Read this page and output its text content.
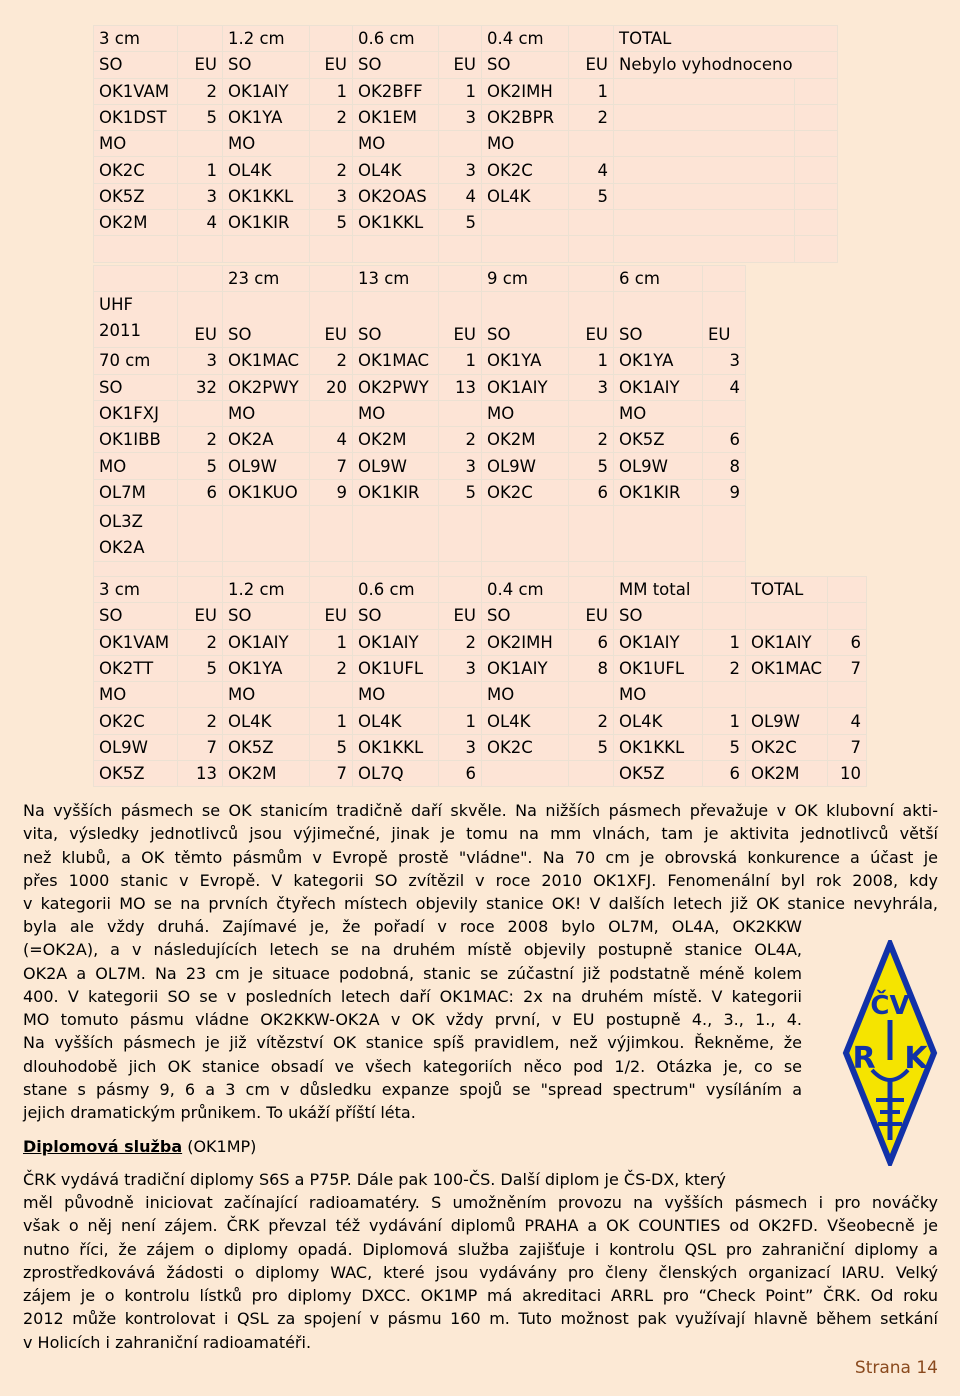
3 cm		1.2 cm		0.6 cm		0.4 cm		TOTAL	
SO	EU	SO	EU	SO	EU	SO	EU	Nebylo vyhodnoceno	
OK1VAM	2	OK1AIY	1	OK2BFF	1	OK2IMH	1		
OK1DST	5	OK1YA	2	OK1EM	3	OK2BPR	2		
MO		MO		MO		MO			
OK2C	1	OL4K	2	OL4K	3	OK2C	4		
OK5Z	3	OK1KKL	3	OK2OAS	4	OL4K	5		
OK2M	4	OK1KIR	5	OK1KKL	5				

		23 cm		13 cm		9 cm		6 cm	
UHF
2011	EU	SO	EU	SO	EU	SO	EU	SO	EU
70 cm	3	OK1MAC	2	OK1MAC	1	OK1YA	1	OK1YA	3
SO	32	OK2PWY	20	OK2PWY	13	OK1AIY	3	OK1AIY	4
OK1FXJ		MO		MO		MO		MO	
OK1IBB	2	OK2A	4	OK2M	2	OK2M	2	OK5Z	6
MO	5	OL9W	7	OL9W	3	OL9W	5	OL9W	8
OL7M	6	OK1KUO	9	OK1KIR	5	OK2C	6	OK1KIR	9
OL3Z
OK2A									

3 cm		1.2 cm		0.6 cm		0.4 cm		MM total		TOTAL	
SO	EU	SO	EU	SO	EU	SO	EU	SO			
OK1VAM	2	OK1AIY	1	OK1AIY	2	OK2IMH	6	OK1AIY	1	OK1AIY	6
OK2TT	5	OK1YA	2	OK1UFL	3	OK1AIY	8	OK1UFL	2	OK1MAC	7
MO		MO		MO		MO		MO			
OK2C	2	OL4K	1	OL4K	1	OL4K	2	OL4K	1	OL9W	4
OL9W	7	OK5Z	5	OK1KKL	3	OK2C	5	OK1KKL	5	OK2C	7
OK5Z	13	OK2M	7	OL7Q	6			OK5Z	6	OK2M	10
Na vyšších pásmech se OK stanicím tradičně daří skvěle. Na nižších pásmech převažuje v OK klubovní akti-
vita, výsledky jednotlivců jsou výjimečné, jinak je tomu na mm vlnách, tam je aktivita jednotlivců větší
než klubů, a OK těmto pásmům v Evropě prostě "vládne". Na 70 cm je obrovská konkurence a účast je
přes 1000 stanic v Evropě. V kategorii SO zvítězil v roce 2010 OK1XFJ. Fenomenální byl rok 2008, kdy
v kategorii MO se na prvních čtyřech místech objevily stanice OK! V dalších letech již OK stanice nevyhrála,
byla ale vždy druhá. Zajímavé je, že pořadí v roce 2008 bylo OL7M, OL4A, OK2KKW
(=OK2A), a v následujících letech se na druhém místě objevily postupně stanice OL4A,
OK2A a OL7M. Na 23 cm je situace podobná, stanic se zúčastní již podstatně méně kolem
400. V kategorii SO se v posledních letech daří OK1MAC: 2x na druhém místě. V kategorii
MO tomuto pásmu vládne OK2KKW-OK2A v OK vždy první, v EU postupně 4., 3., 1., 4.
Na vyšších pásmech je již vítězství OK stanice spíš pravidlem, než výjimkou. Řekněme, že
dlouhodobě jich OK stanice obsadí ve všech kategoriích něco pod 1/2. Otázka je, co se
stane s pásmy 9, 6 a 3 cm v důsledku expanze spojů se "spread spectrum" vysíláním a
jejich dramatickým průnikem. To ukáží příští léta.
Diplomová služba (OK1MP)
ČRK vydává tradiční diplomy S6S a P75P. Dále pak 100-ČS. Další diplom je ČS-DX, který
měl původně iniciovat začínající radioamatéry. S umožněním provozu na vyšších pásmech i pro nováčky
však o něj není zájem. ČRK převzal též vydávání diplomů PRAHA a OK COUNTIES od OK2FD. Všeobecně je
nutno říci, že zájem o diplomy opadá. Diplomová služba zajišťuje i kontrolu QSL pro zahraniční diplomy a
zprostředkovává žádosti o diplomy WAC, které jsou vydávány pro členy členských organizací IARU. Velký
zájem je o kontrolu lístků pro diplomy DXCC. OK1MP má akreditaci ARRL pro “Check Point” ČRK. Od roku
2012 může kontrolovat i QSL za spojení v pásmu 160 m. Tuto možnost pak využívají hlavně během setkání
v Holicích i zahraniční radioamatéři.
ČV
R K
Strana 14
